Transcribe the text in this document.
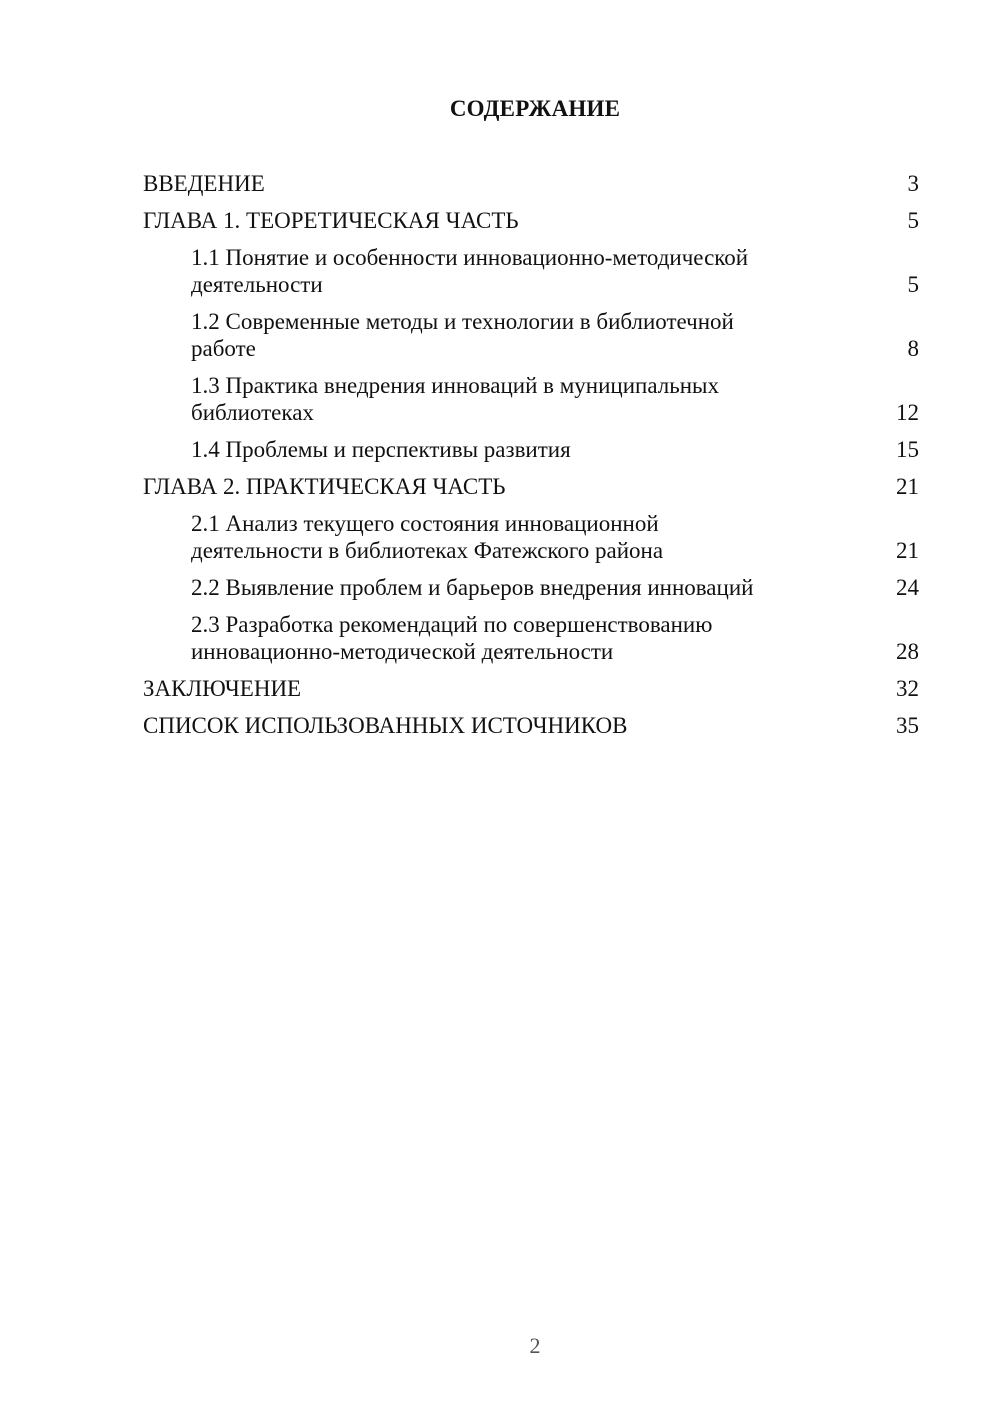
СОДЕРЖАНИЕ
ВВЕДЕНИЕ	3
ГЛАВА 1. ТЕОРЕТИЧЕСКАЯ ЧАСТЬ	5
1.1 Понятие и особенности инновационно-методической
деятельности	5
1.2 Современные методы и технологии в библиотечной
работе	8
1.3 Практика внедрения инноваций в муниципальных
библиотеках	12
1.4 Проблемы и перспективы развития	15
ГЛАВА 2. ПРАКТИЧЕСКАЯ ЧАСТЬ	21
2.1 Анализ текущего состояния инновационной
деятельности в библиотеках Фатежского района	21
2.2 Выявление проблем и барьеров внедрения инноваций	24
2.3 Разработка рекомендаций по совершенствованию
инновационно-методической деятельности	28
ЗАКЛЮЧЕНИЕ	32
СПИСОК ИСПОЛЬЗОВАННЫХ ИСТОЧНИКОВ	35
2
